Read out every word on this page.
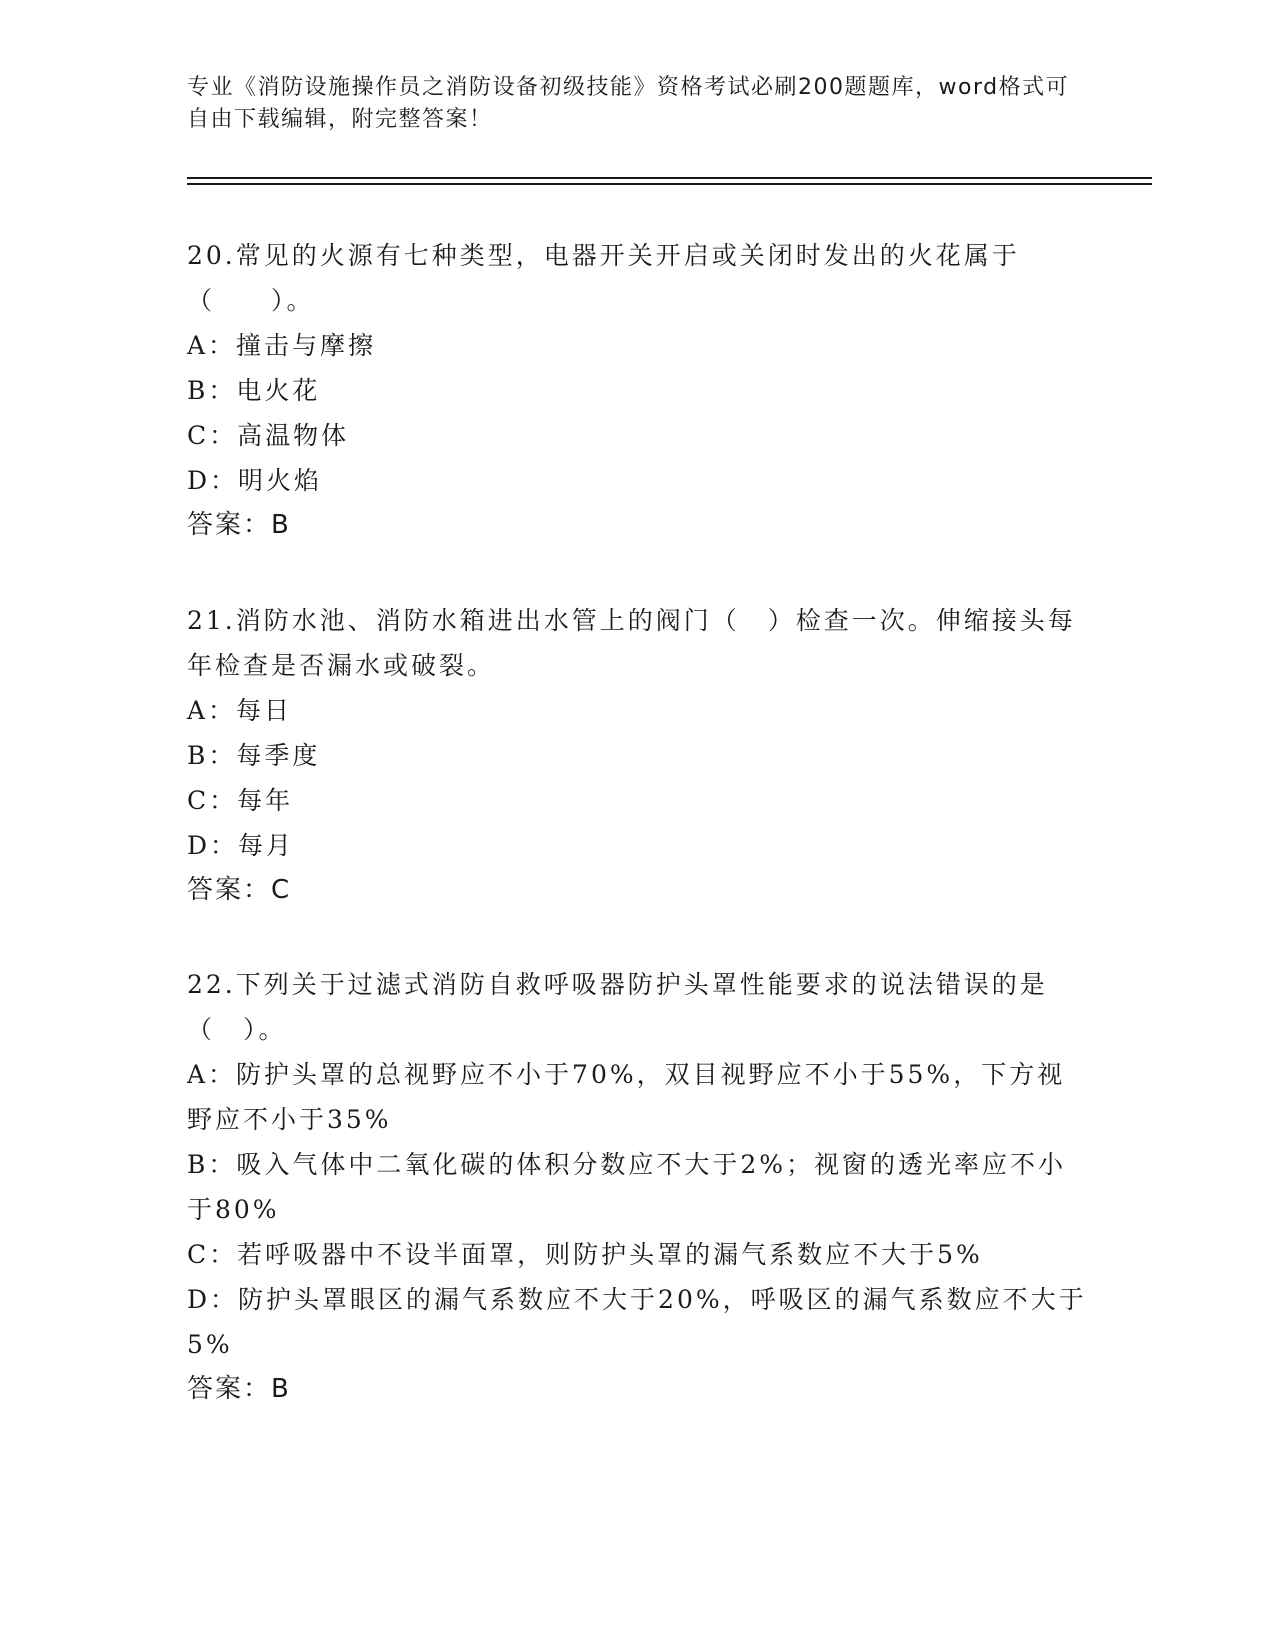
专业《消防设施操作员之消防设备初级技能》资格考试必刷200题题库，word格式可自由下载编辑，附完整答案！
20.常见的火源有七种类型，电器开关开启或关闭时发出的火花属于（　　）。
A：撞击与摩擦
B：电火花
C：高温物体
D：明火焰
答案：B
21.消防水池、消防水箱进出水管上的阀门（　）检查一次。伸缩接头每年检查是否漏水或破裂。
A：每日
B：每季度
C：每年
D：每月
答案：C
22.下列关于过滤式消防自救呼吸器防护头罩性能要求的说法错误的是（　）。
A：防护头罩的总视野应不小于70%，双目视野应不小于55%，下方视野应不小于35%
B：吸入气体中二氧化碳的体积分数应不大于2%；视窗的透光率应不小于80%
C：若呼吸器中不设半面罩，则防护头罩的漏气系数应不大于5%
D：防护头罩眼区的漏气系数应不大于20%，呼吸区的漏气系数应不大于5%
答案：B
